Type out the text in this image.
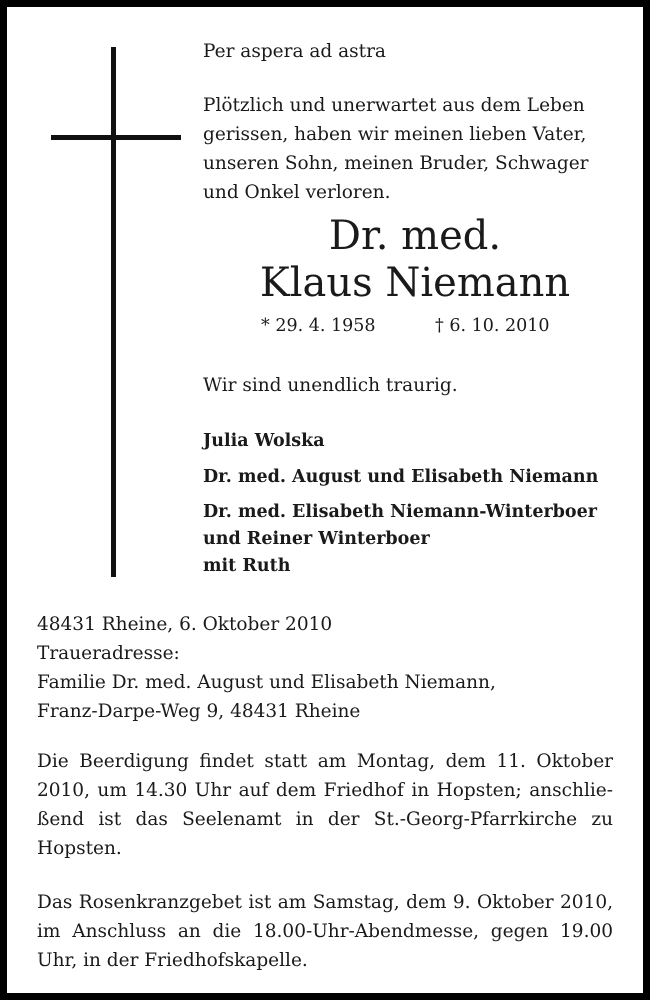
Per aspera ad astra

Plötzlich und unerwartet aus dem Leben

gerissen, haben wir meinen lieben Vater,

unseren Sohn, meinen Bruder, Schwager

und Onkel verloren.

Dr. med.

Klaus Niemann

* 29. 4. 1958	† 6. 10. 2010

Wir sind unendlich traurig.

Julia Wolska

Dr. med. August und Elisabeth Niemann

Dr. med. Elisabeth Niemann-Winterboer

und Reiner Winterboer

mit Ruth

48431 Rheine, 6. Oktober 2010

Traueradresse:

Familie Dr. med. August und Elisabeth Niemann,

Franz-Darpe-Weg 9, 48431 Rheine

Die Beerdigung findet statt am Montag, dem 11. Oktober
2010, um 14.30 Uhr auf dem Friedhof in Hopsten; anschlie-
ßend ist das Seelenamt in der St.-Georg-Pfarrkirche zu
Hopsten.
Das Rosenkranzgebet ist am Samstag, dem 9. Oktober 2010,
im Anschluss an die 18.00-Uhr-Abendmesse, gegen 19.00
Uhr, in der Friedhofskapelle.
